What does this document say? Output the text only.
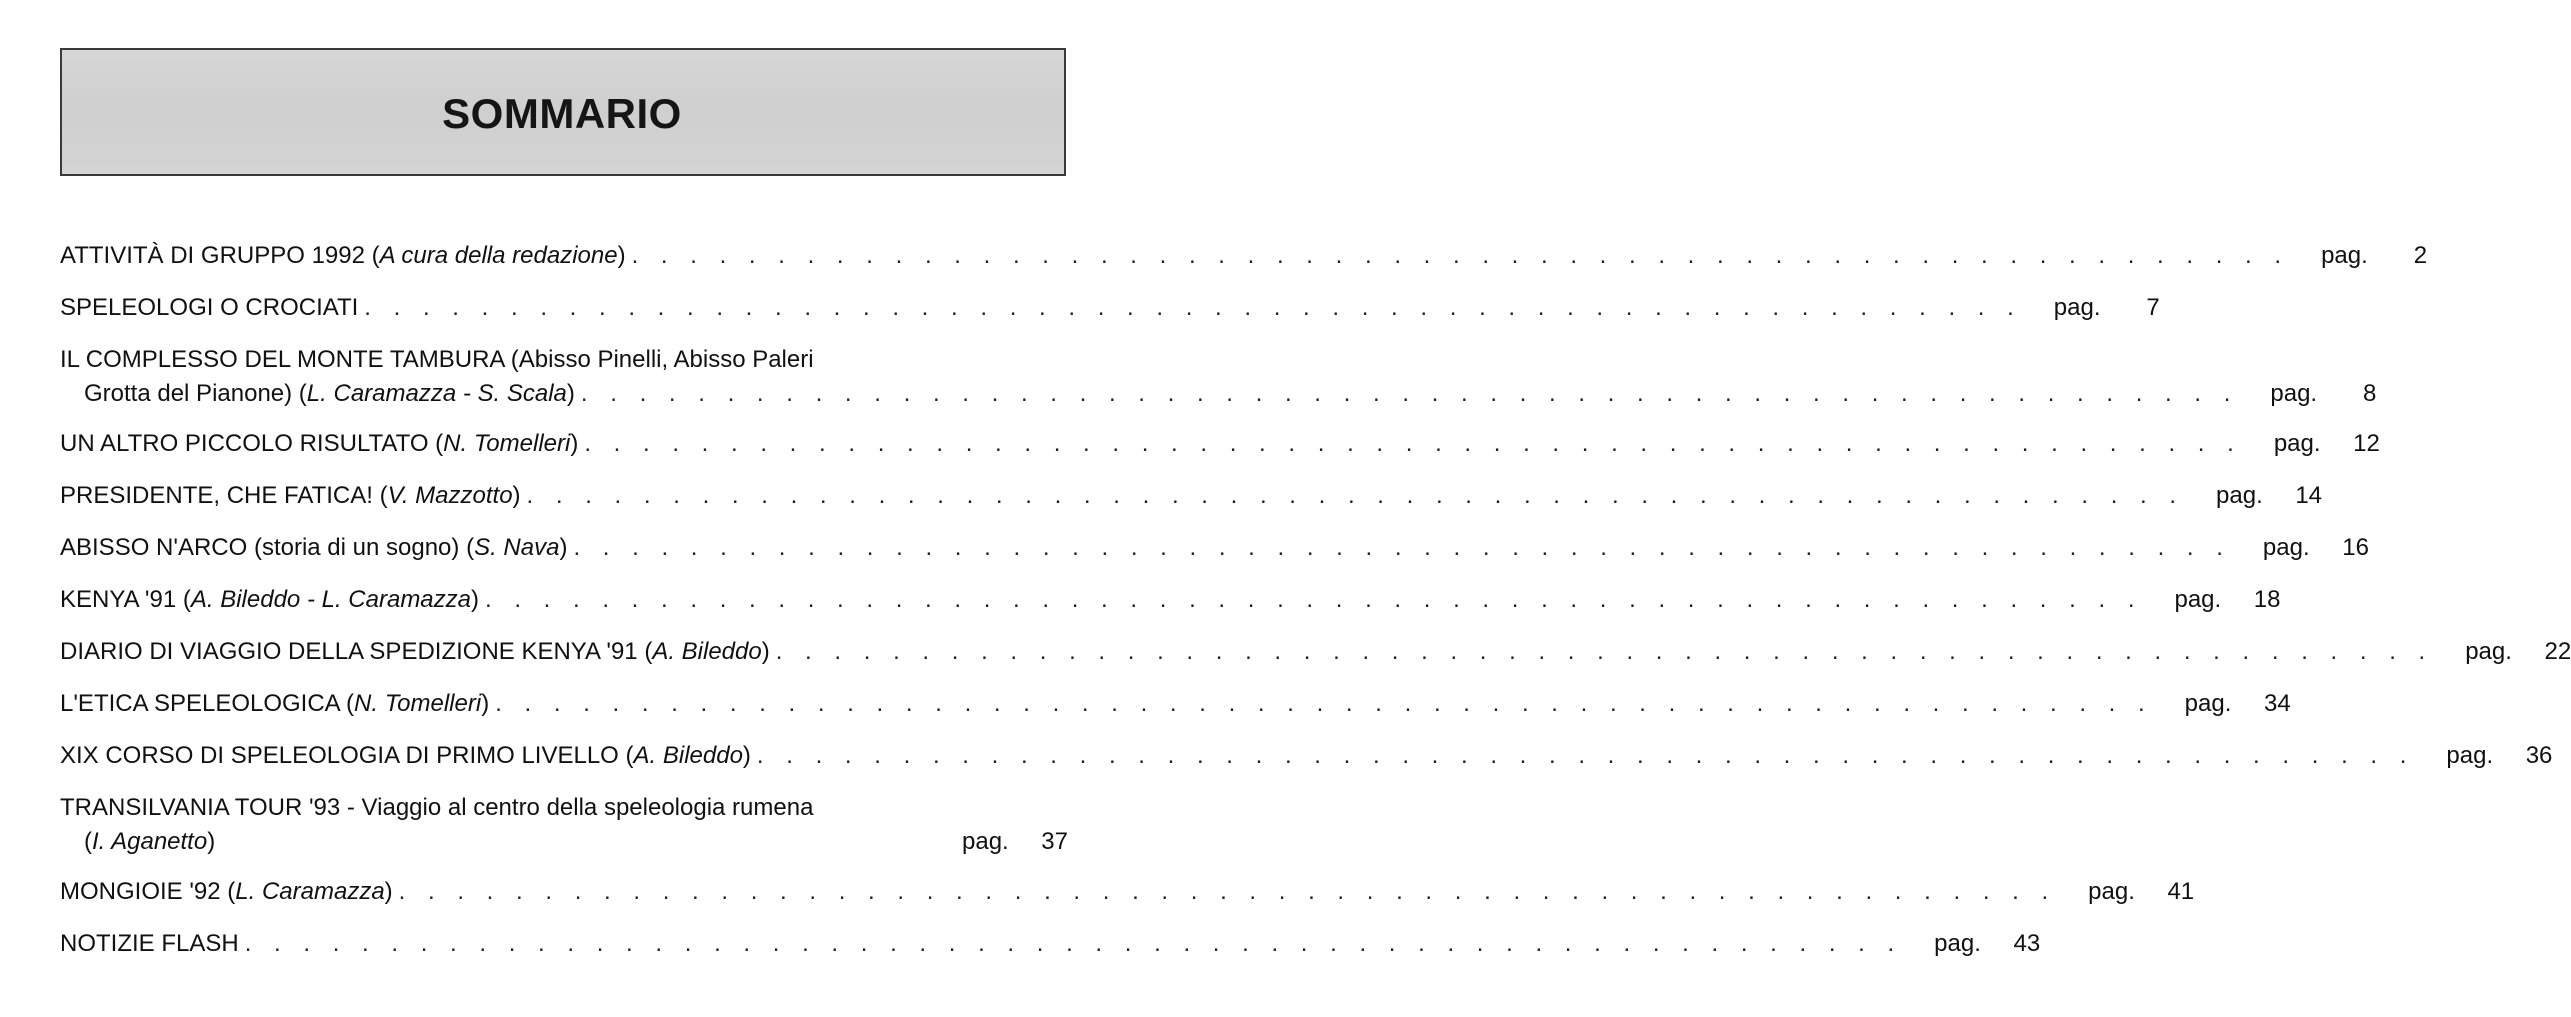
SOMMARIO
ATTIVITÀ DI GRUPPO 1992 (A cura della redazione) . . . . . . . . . . . . . . . . . . . . . . . . . . . . . . . . . . . . . . . . . . . . . . . . . . . . . . . . . pag.	2
SPELEOLOGI O CROCIATI . . . . . . . . . . . . . . . . . . . . . . . . . . . . . . . . . . . . . . . . . . . . . . . . . . . . . . . . . pag.	7
IL COMPLESSO DEL MONTE TAMBURA (Abisso Pinelli, Abisso Paleri
Grotta del Pianone) (L. Caramazza - S. Scala) . . . . . . . . . . . . . . . . . . . . . . . . . . . . . . . . . . . . . . . . . . . . . . . . . . . . . . . . . pag.	8
UN ALTRO PICCOLO RISULTATO (N. Tomelleri) . . . . . . . . . . . . . . . . . . . . . . . . . . . . . . . . . . . . . . . . . . . . . . . . . . . . . . . . . pag.	12
PRESIDENTE, CHE FATICA! (V. Mazzotto) . . . . . . . . . . . . . . . . . . . . . . . . . . . . . . . . . . . . . . . . . . . . . . . . . . . . . . . . . pag.	14
ABISSO N'ARCO (storia di un sogno) (S. Nava) . . . . . . . . . . . . . . . . . . . . . . . . . . . . . . . . . . . . . . . . . . . . . . . . . . . . . . . . . pag.	16
KENYA '91 (A. Bileddo - L. Caramazza) . . . . . . . . . . . . . . . . . . . . . . . . . . . . . . . . . . . . . . . . . . . . . . . . . . . . . . . . . pag.	18
DIARIO DI VIAGGIO DELLA SPEDIZIONE KENYA '91 (A. Bileddo) . . . . . . . . . . . . . . . . . . . . . . . . . . . . . . . . . . . . . . . . . . . . . . . . . . . . . . . . . pag.	22
L'ETICA SPELEOLOGICA (N. Tomelleri) . . . . . . . . . . . . . . . . . . . . . . . . . . . . . . . . . . . . . . . . . . . . . . . . . . . . . . . . . pag.	34
XIX CORSO DI SPELEOLOGIA DI PRIMO LIVELLO (A. Bileddo) . . . . . . . . . . . . . . . . . . . . . . . . . . . . . . . . . . . . . . . . . . . . . . . . . . . . . . . . . pag.	36
TRANSILVANIA TOUR '93 - Viaggio al centro della speleologia rumena
(I. Aganetto)	pag.	37
MONGIOIE '92 (L. Caramazza) . . . . . . . . . . . . . . . . . . . . . . . . . . . . . . . . . . . . . . . . . . . . . . . . . . . . . . . . . pag.	41
NOTIZIE FLASH . . . . . . . . . . . . . . . . . . . . . . . . . . . . . . . . . . . . . . . . . . . . . . . . . . . . . . . . . pag.	43
